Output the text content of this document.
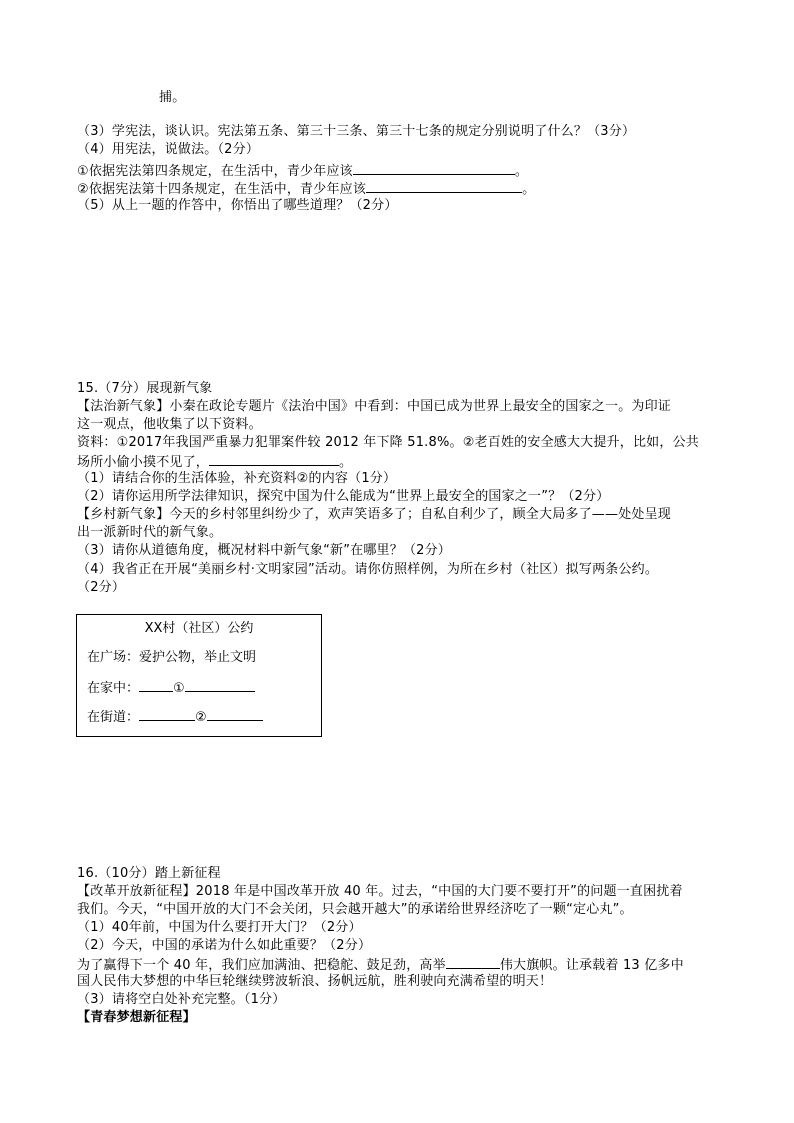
捕。
（3）学宪法，谈认识。宪法第五条、第三十三条、第三十七条的规定分别说明了什么？（3分）
（4）用宪法，说做法。（2分）
①依据宪法第四条规定，在生活中，青少年应该	。
②依据宪法第十四条规定，在生活中，青少年应该	。
（5）从上一题的作答中，你悟出了哪些道理？（2分）
15.（7分）展现新气象
【法治新气象】小秦在政论专题片《法治中国》中看到：中国已成为世界上最安全的国家之一。为印证
这一观点，他收集了以下资料。
资料：①2017年我国严重暴力犯罪案件较 2012 年下降 51.8%。②老百姓的安全感大大提升，比如，公共
场所小偷小摸不见了，	。
（1）请结合你的生活体验，补充资料②的内容（1分）
（2）请你运用所学法律知识，探究中国为什么能成为“世界上最安全的国家之一”？（2分）
【乡村新气象】今天的乡村邻里纠纷少了，欢声笑语多了；自私自利少了，顾全大局多了——处处呈现
出一派新时代的新气象。
（3）请你从道德角度，概况材料中新气象“新”在哪里？（2分）
（4）我省正在开展“美丽乡村·文明家园”活动。请你仿照样例，为所在乡村（社区）拟写两条公约。
（2分）
XX村（社区）公约
在广场：爱护公物，举止文明
在家中：	①
在街道：	②
16.（10分）踏上新征程
【改革开放新征程】2018 年是中国改革开放 40 年。过去，“中国的大门要不要打开”的问题一直困扰着
我们。今天，“中国开放的大门不会关闭，只会越开越大”的承诺给世界经济吃了一颗“定心丸”。
（1）40年前，中国为什么要打开大门？（2分）
（2）今天，中国的承诺为什么如此重要？（2分）
为了赢得下一个 40 年，我们应加满油、把稳舵、鼓足劲，高举	伟大旗帜。让承载着 13 亿多中
国人民伟大梦想的中华巨轮继续劈波斩浪、扬帆远航，胜利驶向充满希望的明天！
（3）请将空白处补充完整。（1分）
【青春梦想新征程】
